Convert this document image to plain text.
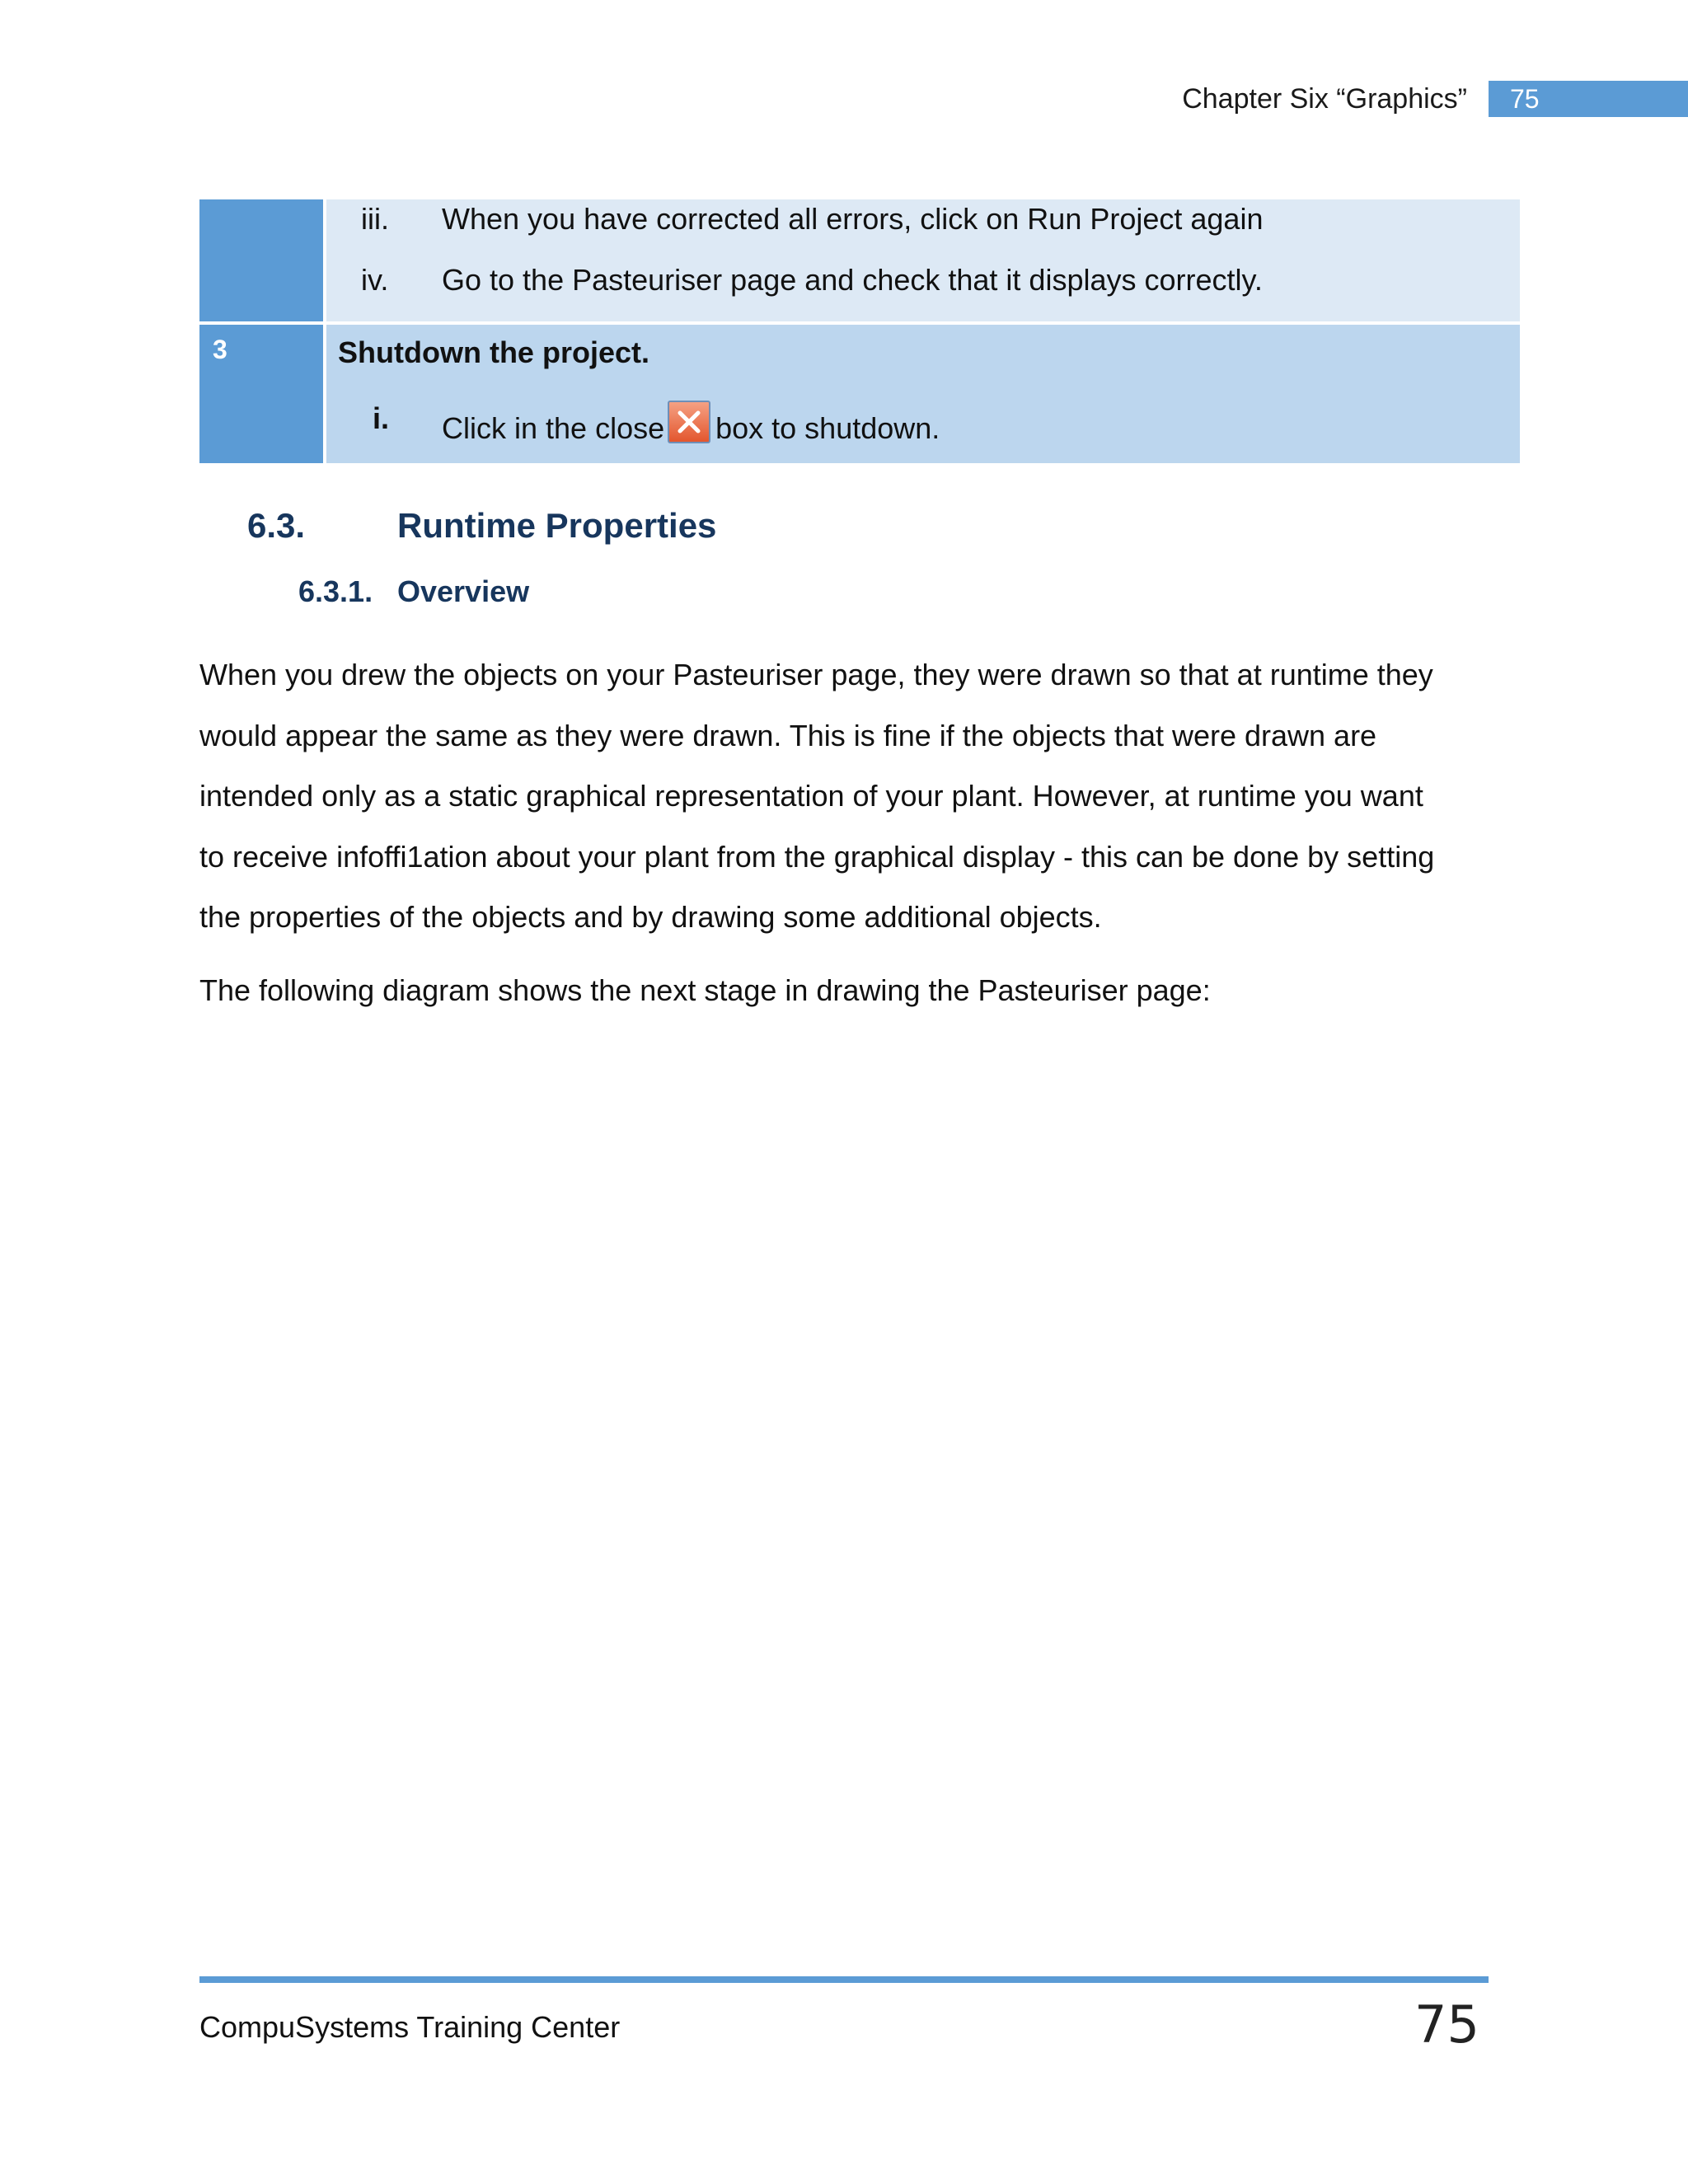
Chapter Six “Graphics”	75
iii. When you have corrected all errors, click on Run Project again
iv. Go to the Pasteuriser page and check that it displays correctly.
3	Shutdown the project.
i. Click in the close box to shutdown.
6.3.	Runtime Properties
6.3.1. Overview
When you drew the objects on your Pasteuriser page, they were drawn so that at runtime they
would appear the same as they were drawn. This is fine if the objects that were drawn are
intended only as a static graphical representation of your plant. However, at runtime you want
to receive infoffi1ation about your plant from the graphical display - this can be done by setting
the properties of the objects and by drawing some additional objects.
The following diagram shows the next stage in drawing the Pasteuriser page:
CompuSystems Training Center	75
